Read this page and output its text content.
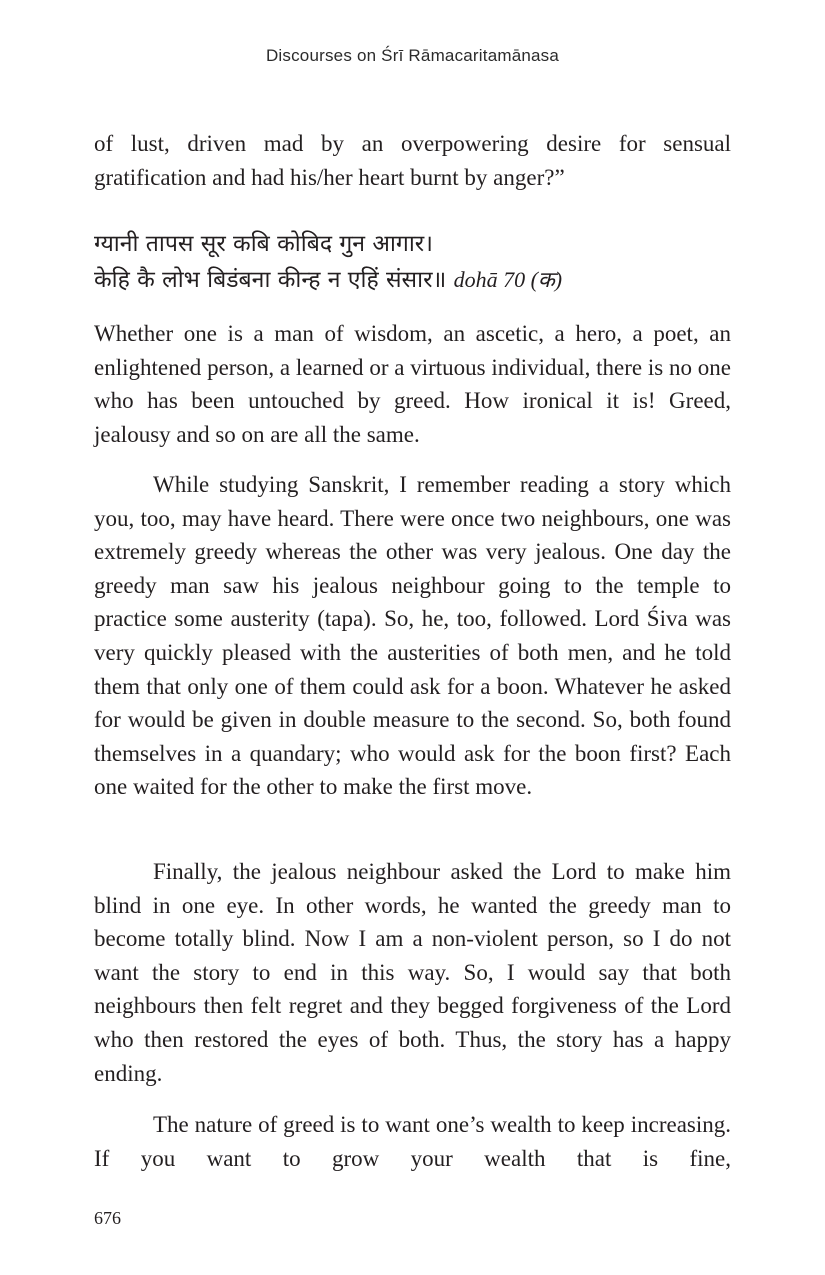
Discourses on Śrī Rāmacaritamānasa

of lust, driven mad by an overpowering desire for sensual gratification and had his/her heart burnt by anger?”

ग्यानी तापस सूर कबि कोबिद गुन आगार।
केहि कै लोभ बिडंबना कीन्ह न एहिं संसार॥ dohā 70 (क)

Whether one is a man of wisdom, an ascetic, a hero, a poet, an enlightened person, a learned or a virtuous individual, there is no one who has been untouched by greed. How ironical it is! Greed, jealousy and so on are all the same.

While studying Sanskrit, I remember reading a story which you, too, may have heard. There were once two neighbours, one was extremely greedy whereas the other was very jealous. One day the greedy man saw his jealous neighbour going to the temple to practice some austerity (tapa). So, he, too, followed. Lord Śiva was very quickly pleased with the austerities of both men, and he told them that only one of them could ask for a boon. Whatever he asked for would be given in double measure to the second. So, both found themselves in a quandary; who would ask for the boon first? Each one waited for the other to make the first move.

Finally, the jealous neighbour asked the Lord to make him blind in one eye. In other words, he wanted the greedy man to become totally blind. Now I am a non-violent person, so I do not want the story to end in this way. So, I would say that both neighbours then felt regret and they begged forgiveness of the Lord who then restored the eyes of both. Thus, the story has a happy ending.

The nature of greed is to want one’s wealth to keep increasing. If you want to grow your wealth that is fine,

676
